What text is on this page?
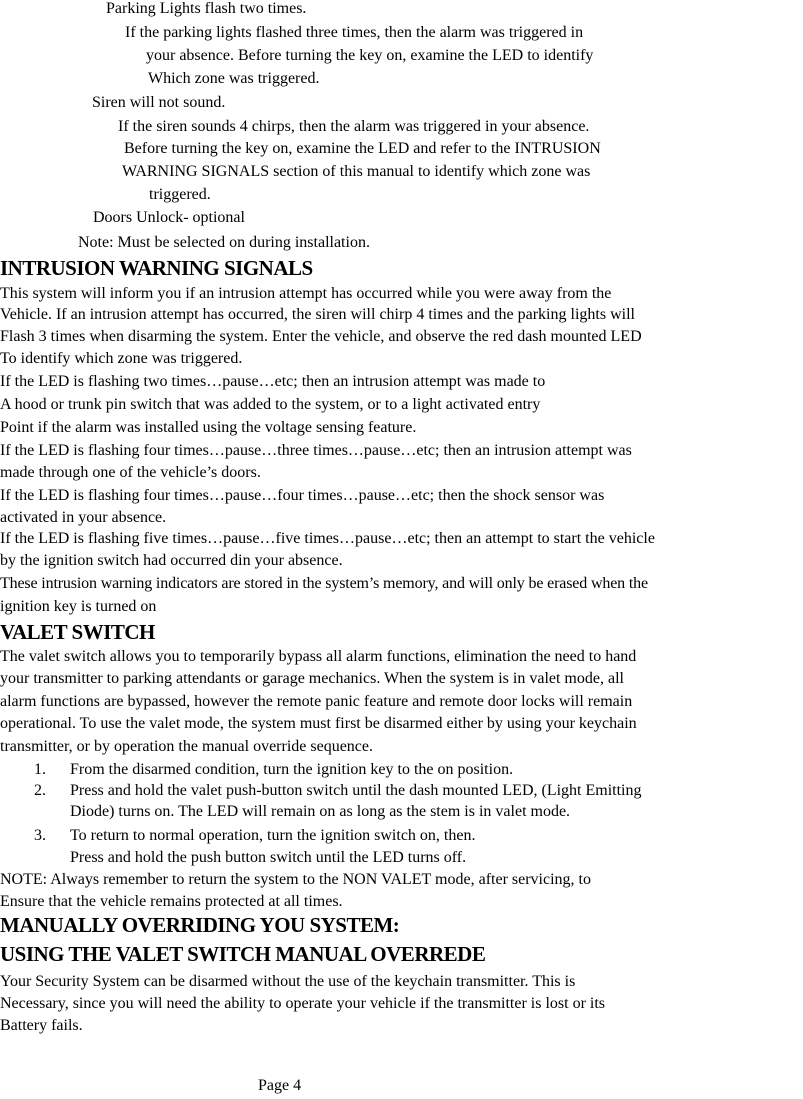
Parking Lights flash two times.
If the parking lights flashed three times, then the alarm was triggered in
your absence. Before turning the key on, examine the LED to identify
Which zone was triggered.
Siren will not sound.
If the siren sounds 4 chirps, then the alarm was triggered in your absence.
Before turning the key on, examine the LED and refer to the INTRUSION
WARNING SIGNALS section of this manual to identify which zone was
triggered.
Doors Unlock- optional
Note: Must be selected on during installation.
INTRUSION WARNING SIGNALS
This system will inform you if an intrusion attempt has occurred while you were away from the
Vehicle. If an intrusion attempt has occurred, the siren will chirp 4 times and the parking lights will
Flash 3 times when disarming the system. Enter the vehicle, and observe the red dash mounted LED
To identify which zone was triggered.
If the LED is flashing two times…pause…etc; then an intrusion attempt was made to
A hood or trunk pin switch that was added to the system, or to a light activated entry
Point if the alarm was installed using the voltage sensing feature.
If the LED is flashing four times…pause…three times…pause…etc; then an intrusion attempt was
made through one of the vehicle’s doors.
If the LED is flashing four times…pause…four times…pause…etc; then the shock sensor was
activated in your absence.
If the LED is flashing five times…pause…five times…pause…etc; then an attempt to start the vehicle
by the ignition switch had occurred din your absence.
These intrusion warning indicators are stored in the system’s memory, and will only be erased when the
ignition key is turned on
VALET SWITCH
The valet switch allows you to temporarily bypass all alarm functions, elimination the need to hand
your transmitter to parking attendants or garage mechanics. When the system is in valet mode, all
alarm functions are bypassed, however the remote panic feature and remote door locks will remain
operational. To use the valet mode, the system must first be disarmed either by using your keychain
transmitter, or by operation the manual override sequence.
1. From the disarmed condition, turn the ignition key to the on position.
2. Press and hold the valet push-button switch until the dash mounted LED, (Light Emitting
Diode) turns on. The LED will remain on as long as the stem is in valet mode.
3. To return to normal operation, turn the ignition switch on, then.
Press and hold the push button switch until the LED turns off.
NOTE: Always remember to return the system to the NON VALET mode, after servicing, to
Ensure that the vehicle remains protected at all times.
MANUALLY OVERRIDING YOU SYSTEM:
USING THE VALET SWITCH MANUAL OVERREDE
Your Security System can be disarmed without the use of the keychain transmitter. This is
Necessary, since you will need the ability to operate your vehicle if the transmitter is lost or its
Battery fails.
Page 4
